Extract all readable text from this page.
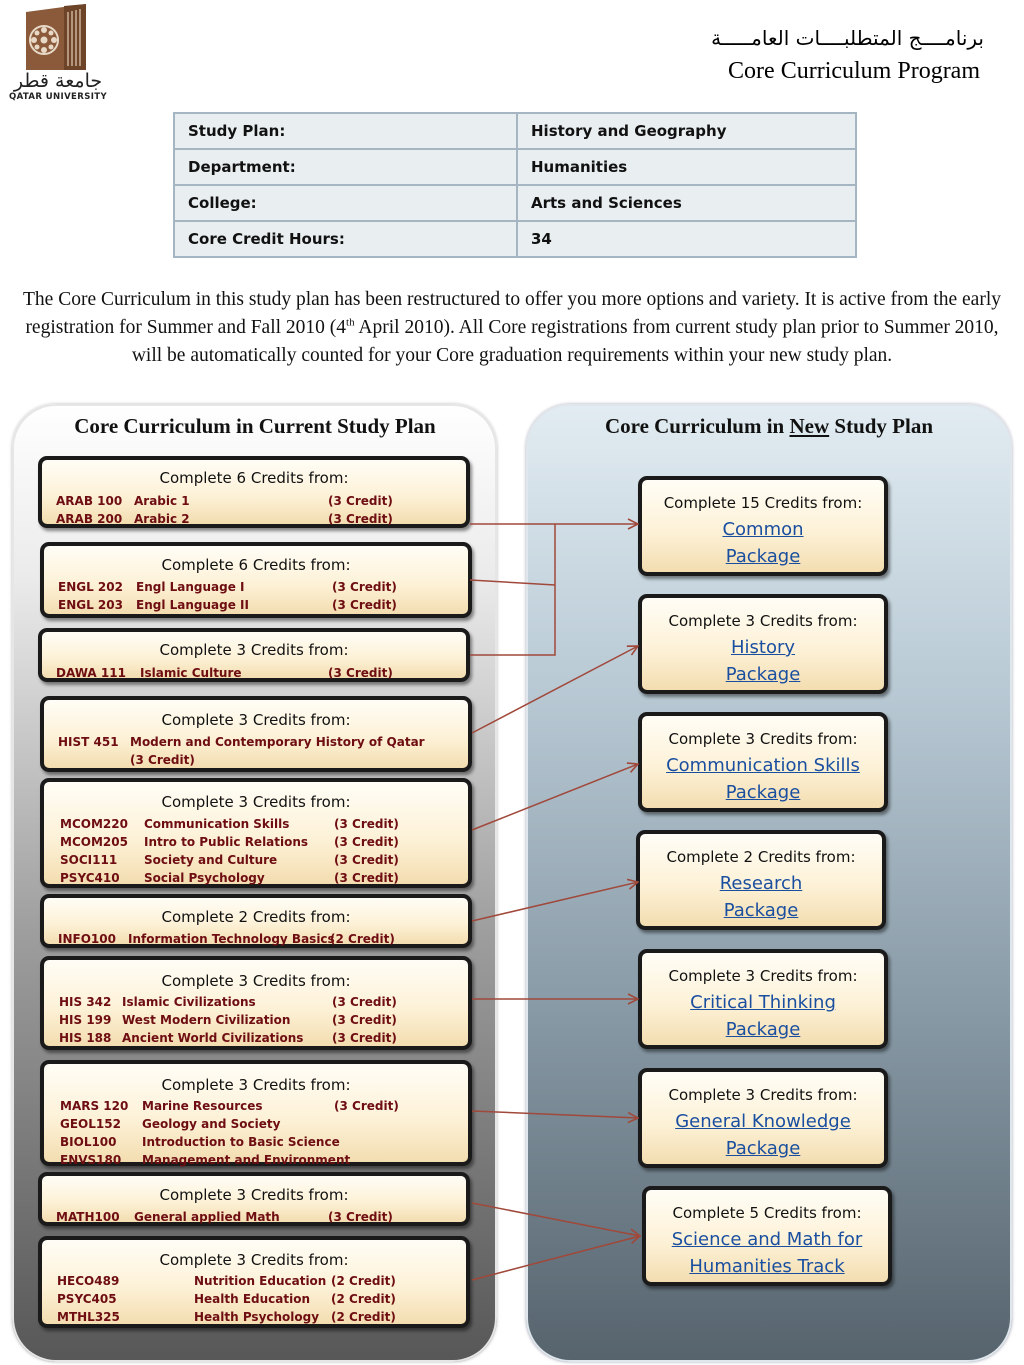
جامعة قطر
QATAR UNIVERSITY
برنامــــج المتطلبــــات العامـــــة
Core Curriculum Program
Study Plan:	History and Geography
Department:	Humanities
College:	Arts and Sciences
Core Credit Hours:	34

The Core Curriculum in this study plan has been restructured to offer you more options and variety. It is active from the early registration for Summer and Fall 2010 (4th April 2010). All Core registrations from current study plan prior to Summer 2010, will be automatically counted for your Core graduation requirements within your new study plan.

Core Curriculum in Current Study Plan	Core Curriculum in New Study Plan
Complete 6 Credits from:
ARAB 100 Arabic 1	(3 Credit)
ARAB 200 Arabic 2	(3 Credit)
Complete 6 Credits from:
ENGL 202 Engl Language I	(3 Credit)
ENGL 203 Engl Language II	(3 Credit)
Complete 3 Credits from:
DAWA 111 Islamic Culture	(3 Credit)
Complete 3 Credits from:
HIST 451 Modern and Contemporary History of Qatar
(3 Credit)
Complete 3 Credits from:
MCOM220 Communication Skills	(3 Credit)
MCOM205 Intro to Public Relations (3 Credit)
SOCI111 Society and Culture	(3 Credit)
PSYC410 Social Psychology	(3 Credit)
Complete 2 Credits from:
INFO100 Information Technology Basics
(2 Credit)
Complete 3 Credits from:
HIS 342 Islamic Civilizations	(3 Credit)
HIS 199 West Modern Civilization	(3 Credit)
HIS 188 Ancient World Civilizations (3 Credit)
Complete 3 Credits from:
MARS 120 Marine Resources	(3 Credit)
GEOL152 Geology and Society
BIOL100 Introduction to Basic Science
ENVS180 Management and Environment
Complete 3 Credits from:
MATH100 General applied Math	(3 Credit)
Complete 3 Credits from:
HECO489	Nutrition Education (2 Credit)
PSYC405	Health Education (2 Credit)
MTHL325	Health Psychology (2 Credit)
Complete 15 Credits from:
Common
Package
Complete 3 Credits from:
History
Package
Complete 3 Credits from:
Communication Skills
Package
Complete 2 Credits from:
Research
Package
Complete 3 Credits from:
Critical Thinking
Package
Complete 3 Credits from:
General Knowledge
Package
Complete 5 Credits from:
Science and Math for
Humanities Track
